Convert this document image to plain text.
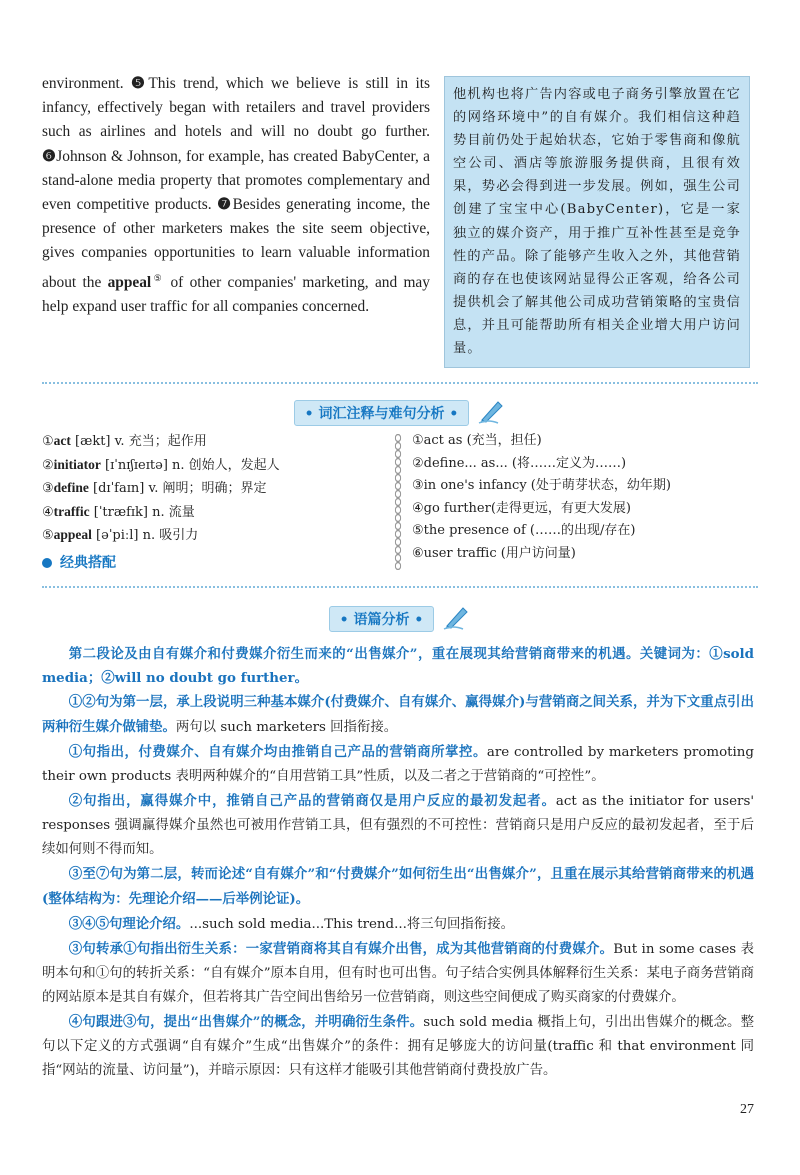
environment. ❺This trend, which we believe is still in its infancy, effectively began with retailers and travel providers such as airlines and hotels and will no doubt go further. ❻Johnson & Johnson, for example, has created BabyCenter, a stand-alone media property that promotes complementary and even competitive products. ❼Besides generating income, the presence of other marketers makes the site seem objective, gives companies opportunities to learn valuable information about the appeal⑤ of other companies' marketing, and may help expand user traffic for all companies concerned.

他机构也将广告内容或电子商务引擎放置在它的网络环境中”的自有媒介。我们相信这种趋势目前仍处于起始状态，它始于零售商和像航空公司、酒店等旅游服务提供商，且很有效果，势必会得到进一步发展。例如，强生公司创建了宝宝中心(BabyCenter)，它是一家独立的媒介资产，用于推广互补性甚至是竞争性的产品。除了能够产生收入之外，其他营销商的存在也使该网站显得公正客观，给各公司提供机会了解其他公司成功营销策略的宝贵信息，并且可能帮助所有相关企业增大用户访问量。
• 词汇注释与难句分析 •
①act [ækt] v. 充当；起作用
②initiator [ɪˈnɪʃɪeɪtə] n. 创始人，发起人
③define [dɪˈfaɪn] v. 阐明；明确；界定
④traffic [ˈtræfɪk] n. 流量
⑤appeal [əˈpiːl] n. 吸引力
①act as (充当，担任)
②define... as... (将……定义为……)
③in one's infancy (处于萌芽状态，幼年期)
④go further(走得更远，有更大发展)
⑤the presence of (……的出现/存在)
⑥user traffic (用户访问量)
经典搭配
• 语篇分析 •

第二段论及由自有媒介和付费媒介衍生而来的“出售媒介”，重在展现其给营销商带来的机遇。关键词为：①sold media；②will no doubt go further。

①②句为第一层，承上段说明三种基本媒介(付费媒介、自有媒介、赢得媒介)与营销商之间关系，并为下文重点引出两种衍生媒介做铺垫。两句以 such marketers 回指衔接。

①句指出，付费媒介、自有媒介均由推销自己产品的营销商所掌控。are controlled by marketers promoting their own products 表明两种媒介的“自用营销工具”性质，以及二者之于营销商的“可控性”。

②句指出，赢得媒介中，推销自己产品的营销商仅是用户反应的最初发起者。act as the initiator for users' responses 强调赢得媒介虽然也可被用作营销工具，但有强烈的不可控性：营销商只是用户反应的最初发起者，至于后续如何则不得而知。

③至⑦句为第二层，转而论述“自有媒介”和“付费媒介”如何衍生出“出售媒介”，且重在展示其给营销商带来的机遇(整体结构为：先理论介绍——后举例论证)。

③④⑤句理论介绍。...such sold media...This trend...将三句回指衔接。

③句转承①句指出衍生关系：一家营销商将其自有媒介出售，成为其他营销商的付费媒介。But in some cases 表明本句和①句的转折关系：“自有媒介”原本自用，但有时也可出售。句子结合实例具体解释衍生关系：某电子商务营销商的网站原本是其自有媒介，但若将其广告空间出售给另一位营销商，则这些空间便成了购买商家的付费媒介。

④句跟进③句，提出“出售媒介”的概念，并明确衍生条件。such sold media 概指上句，引出出售媒介的概念。整句以下定义的方式强调“自有媒介”生成“出售媒介”的条件：拥有足够庞大的访问量(traffic 和 that environment 同指“网站的流量、访问量”)，并暗示原因：只有这样才能吸引其他营销商付费投放广告。

27
